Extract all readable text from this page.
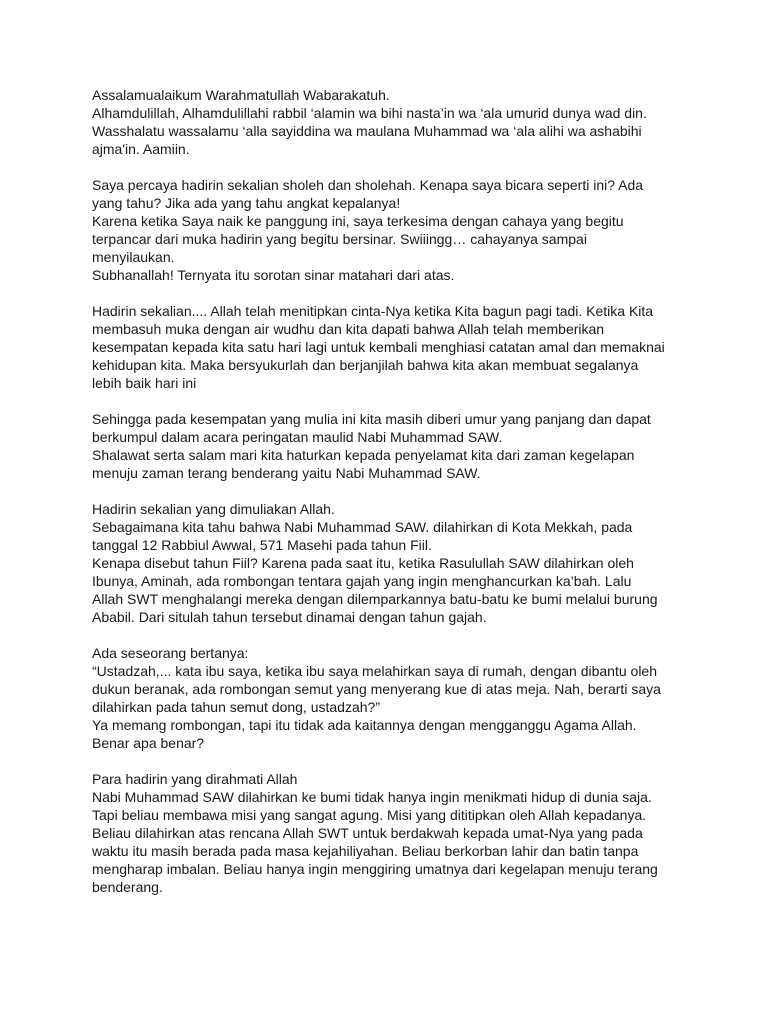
Assalamualaikum Warahmatullah Wabarakatuh.
Alhamdulillah, Alhamdulillahi rabbil ‘alamin wa bihi nasta’in wa ‘ala umurid dunya wad din.
Wasshalatu wassalamu ‘alla sayiddina wa maulana Muhammad wa ‘ala alihi wa ashabihi
ajma'in. Aamiin.

Saya percaya hadirin sekalian sholeh dan sholehah. Kenapa saya bicara seperti ini? Ada
yang tahu? Jika ada yang tahu angkat kepalanya!
Karena ketika Saya naik ke panggung ini, saya terkesima dengan cahaya yang begitu
terpancar dari muka hadirin yang begitu bersinar. Swiiingg… cahayanya sampai
menyilaukan.
Subhanallah! Ternyata itu sorotan sinar matahari dari atas.

Hadirin sekalian.... Allah telah menitipkan cinta-Nya ketika Kita bagun pagi tadi. Ketika Kita
membasuh muka dengan air wudhu dan kita dapati bahwa Allah telah memberikan
kesempatan kepada kita satu hari lagi untuk kembali menghiasi catatan amal dan memaknai
kehidupan kita. Maka bersyukurlah dan berjanjilah bahwa kita akan membuat segalanya
lebih baik hari ini

Sehingga pada kesempatan yang mulia ini kita masih diberi umur yang panjang dan dapat
berkumpul dalam acara peringatan maulid Nabi Muhammad SAW.
Shalawat serta salam mari kita haturkan kepada penyelamat kita dari zaman kegelapan
menuju zaman terang benderang yaitu Nabi Muhammad SAW.

Hadirin sekalian yang dimuliakan Allah.
Sebagaimana kita tahu bahwa Nabi Muhammad SAW. dilahirkan di Kota Mekkah, pada
tanggal 12 Rabbiul Awwal, 571 Masehi pada tahun Fiil.
Kenapa disebut tahun Fiil? Karena pada saat itu, ketika Rasulullah SAW dilahirkan oleh
Ibunya, Aminah, ada rombongan tentara gajah yang ingin menghancurkan ka’bah. Lalu
Allah SWT menghalangi mereka dengan dilemparkannya batu-batu ke bumi melalui burung
Ababil. Dari situlah tahun tersebut dinamai dengan tahun gajah.

Ada seseorang bertanya:
“Ustadzah,... kata ibu saya, ketika ibu saya melahirkan saya di rumah, dengan dibantu oleh
dukun beranak, ada rombongan semut yang menyerang kue di atas meja. Nah, berarti saya
dilahirkan pada tahun semut dong, ustadzah?”
Ya memang rombongan, tapi itu tidak ada kaitannya dengan mengganggu Agama Allah.
Benar apa benar?

Para hadirin yang dirahmati Allah
Nabi Muhammad SAW dilahirkan ke bumi tidak hanya ingin menikmati hidup di dunia saja.
Tapi beliau membawa misi yang sangat agung. Misi yang dititipkan oleh Allah kepadanya.
Beliau dilahirkan atas rencana Allah SWT untuk berdakwah kepada umat-Nya yang pada
waktu itu masih berada pada masa kejahiliyahan. Beliau berkorban lahir dan batin tanpa
mengharap imbalan. Beliau hanya ingin menggiring umatnya dari kegelapan menuju terang
benderang.
